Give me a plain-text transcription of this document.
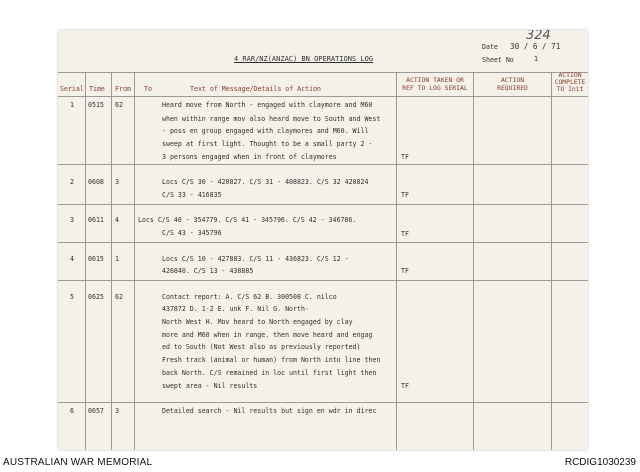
324
4 RAR/NZ(ANZAC) BN OPERATIONS LOG
Date 30 / 6 / 71
Sheet No	1
Serial Time From To	Text of Message/Details of Action
ACTION TAKEN OR
REF TO LOG SERIAL
ACTION
REQUIRED
ACTION
COMPLETE
TO Init
1 0515 62	Heard move from North - engaged with claymore and M60
when within range mov also heard move to South and West
- poss en group engaged with claymores and M60. Will
sweep at first light. Thought to be a small party 2 -
3 persons engaged when in front of claymores	TF
2 0608 3	Locs C/S 30 - 420827. C/S 31 - 408823. C/S 32 420824
C/S 33 - 416835	TF
3 0611 4	Locs C/S 40 - 354779. C/S 41 - 345796. C/S 42 - 346786.
C/S 43 - 345796	TF
4 0615 1	Locs C/S 10 - 427883. C/S 11 - 436823. C/S 12 -
426840. C/S 13 - 438885	TF
5 0625 62	Contact report: A. C/S 62 B. 300508 C. nilco
437872 D. 1-2 E. unk F. Nil G. North-
North West H. Mov heard to North engaged by clay
more and M60 when in range. then move heard and engag
ed to South (Not West also as previously reported)
Fresh track (animal or human) from North into line then
back North. C/S remained in loc until first light then
swept area - Nil results	TF
6 0657 3	Detailed search - Nil results but sign en wdr in direc
AUSTRALIAN WAR MEMORIAL	RCDIG1030239
